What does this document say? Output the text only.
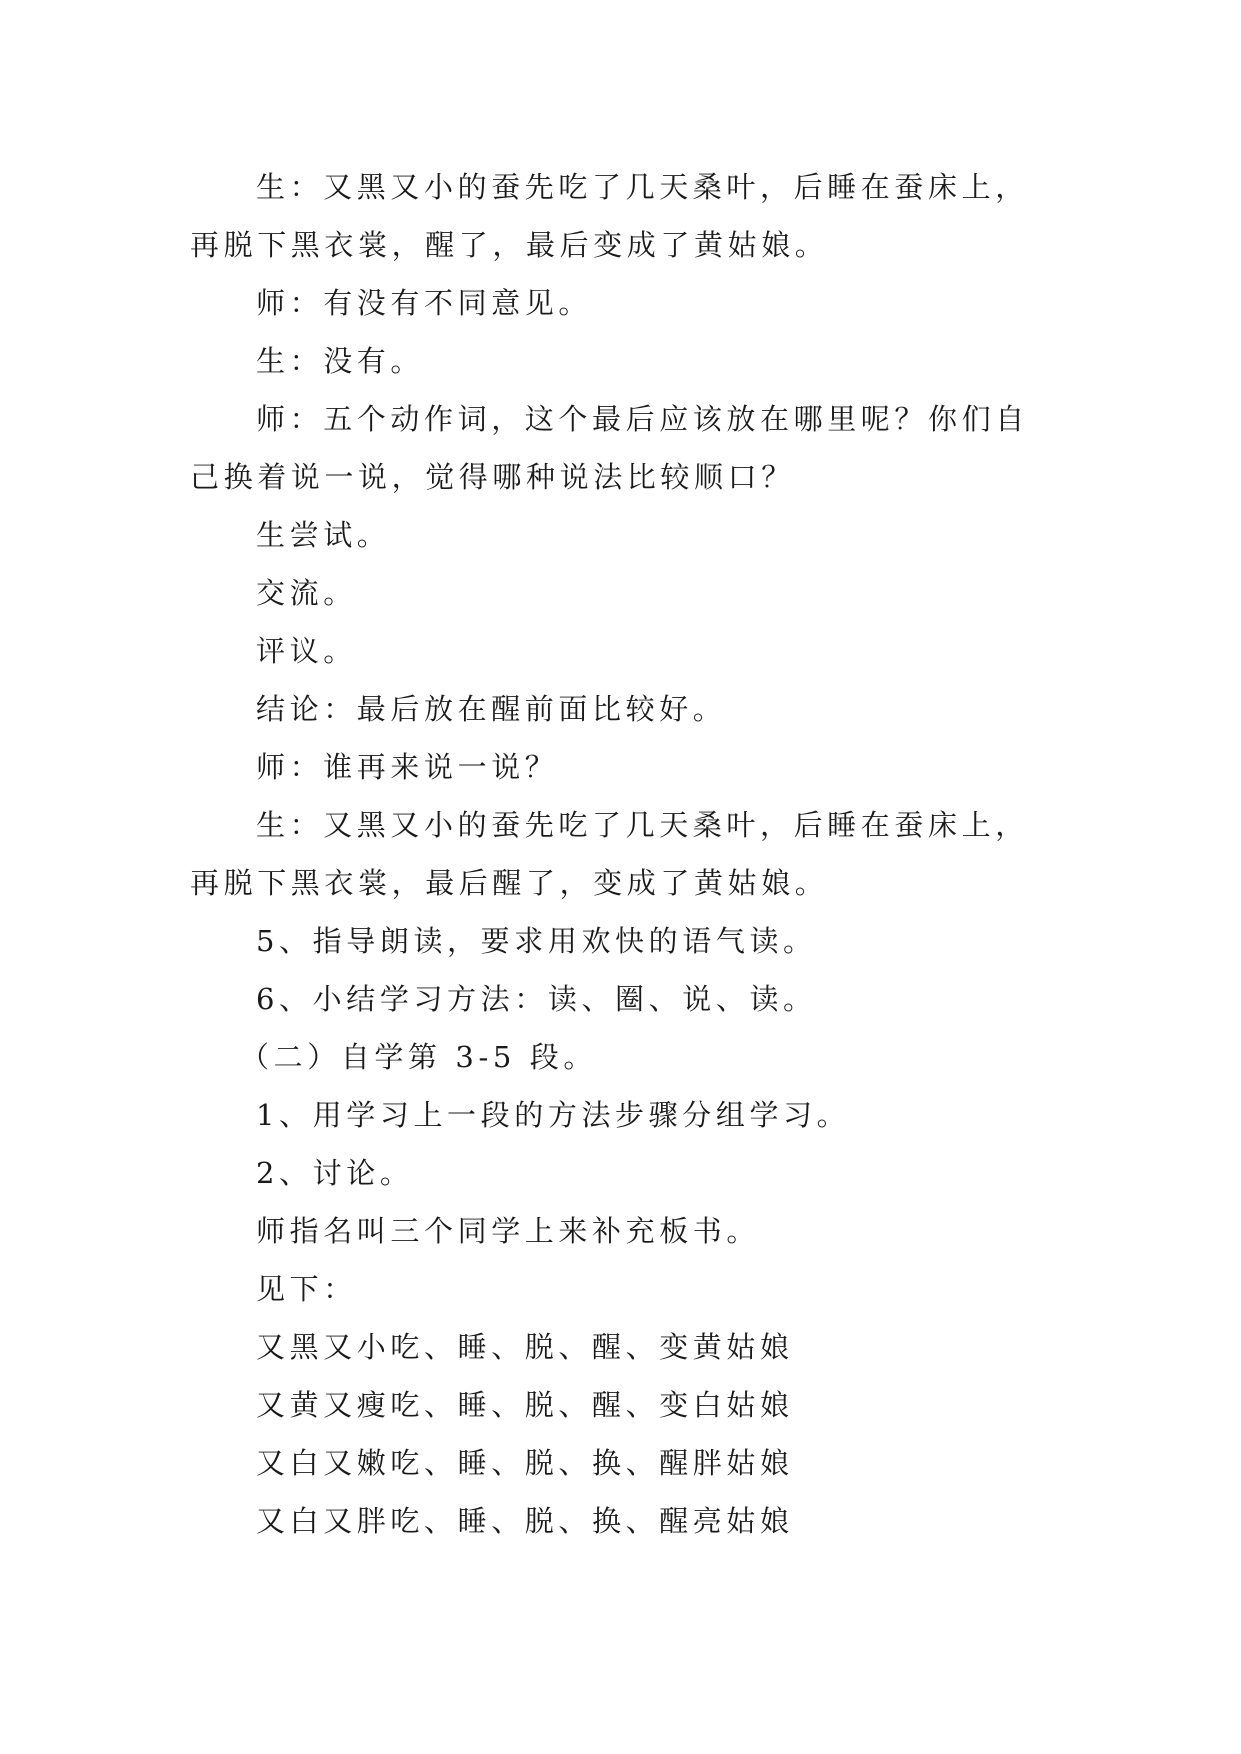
生：又黑又小的蚕先吃了几天桑叶，后睡在蚕床上，再脱下黑衣裳，醒了，最后变成了黄姑娘。

师：有没有不同意见。

生：没有。

师：五个动作词，这个最后应该放在哪里呢？你们自己换着说一说，觉得哪种说法比较顺口？

生尝试。

交流。

评议。

结论：最后放在醒前面比较好。

师：谁再来说一说？

生：又黑又小的蚕先吃了几天桑叶，后睡在蚕床上，再脱下黑衣裳，最后醒了，变成了黄姑娘。

5、指导朗读，要求用欢快的语气读。

6、小结学习方法：读、圈、说、读。

（二）自学第 3-5 段。

1、用学习上一段的方法步骤分组学习。

2、讨论。

师指名叫三个同学上来补充板书。

见下：

又黑又小吃、睡、脱、醒、变黄姑娘

又黄又瘦吃、睡、脱、醒、变白姑娘

又白又嫩吃、睡、脱、换、醒胖姑娘

又白又胖吃、睡、脱、换、醒亮姑娘
